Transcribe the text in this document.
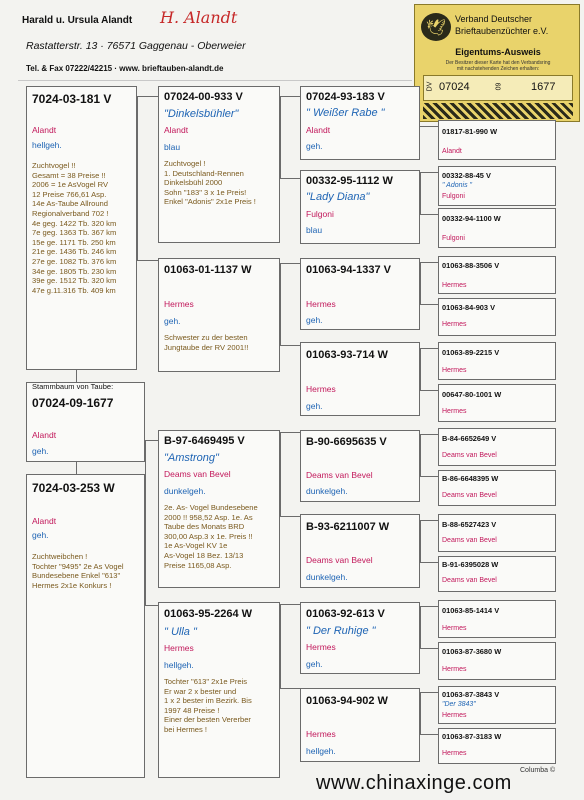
Harald u. Ursula Alandt H. Alandt
Rastatterstr. 13 · 76571 Gaggenau - Oberweier
Tel. & Fax 07222/42215 · www. brieftauben-alandt.de
🕊 Verband Deutscher
Brieftaubenzüchter e.V.
Eigentums-Ausweis
Der Besitzer dieser Karte hat den Verbandsring
mit nachstehenden Zeichen erhalten:
DV 07024	09	1677
7024-03-181 V
Alandt
hellgeh.
Zuchtvogel !!
Gesamt = 38 Preise !!
2006 = 1e AsVogel RV
12 Preise 766,61 Asp.
14e As-Taube Allround
Regionalverband 702 !
4e geg. 1422 Tb. 320 km
7e geg. 1363 Tb. 367 km
15e ge. 1171 Tb. 250 km
21e ge. 1436 Tb. 246 km
27e ge. 1082 Tb. 376 km
34e ge. 1805 Tb. 230 km
39e ge. 1512 Tb. 320 km
47e g.11.316 Tb. 409 km
Stammbaum von Taube:
07024-09-1677
Alandt
geh.
7024-03-253 W
Alandt
geh.
Zuchtweibchen !
Tochter "9495" 2e As Vogel
Bundesebene Enkel "613"
Hermes 2x1e Konkurs !
07024-00-933 V
"Dinkelsbühler"
Alandt
blau
Zuchtvogel !
1. Deutschland-Rennen
Dinkelsbühl 2000
Sohn "183" 3 x 1e Preis!
Enkel "Adonis" 2x1e Preis !
01063-01-1137 W
Hermes
geh.
Schwester zu der besten
Jungtaube der RV 2001!!
B-97-6469495 V
"Amstrong"
Deams van Bevel
dunkelgeh.
2e. As- Vogel Bundesebene
2000 !! 958,52 Asp. 1e. As
Taube des Monats BRD
300,00 Asp.3 x 1e. Preis !!
1e As-Vogel KV 1e
As-Vogel 18 Bez. 13/13
Preise 1165,08 Asp.
01063-95-2264 W
" Ulla "
Hermes
hellgeh.
Tochter "613" 2x1e Preis
Er war 2 x bester und
1 x 2 bester im Bezirk. Bis
1997 48 Preise !
Einer der besten Vererber
bei Hermes !
07024-93-183 V
" Weißer Rabe "
Alandt
geh.
00332-95-1112 W
"Lady Diana"
Fulgoni
blau
01063-94-1337 V
Hermes
geh.
01063-93-714 W
Hermes
geh.
B-90-6695635 V
Deams van Bevel
dunkelgeh.
B-93-6211007 W
Deams van Bevel
dunkelgeh.
01063-92-613 V
" Der Ruhige "
Hermes
geh.
01063-94-902 W
Hermes
hellgeh.
01817-81-990 W
Alandt
00332-88-45 V
" Adonis "
Fulgoni
00332-94-1100 W
Fulgoni
01063-88-3506 V
Hermes
01063-84-903 V
Hermes
01063-89-2215 V
Hermes
00647-80-1001 W
Hermes
B-84-6652649 V
Deams van Bevel
B-86-6648395 W
Deams van Bevel
B-88-6527423 V
Deams van Bevel
B-91-6395028 W
Deams van Bevel
01063-85-1414 V
Hermes
01063-87-3680 W
Hermes
01063-87-3843 V
"Der 3843"
Hermes
01063-87-3183 W
Hermes
Columba ©
www.chinaxinge.com
